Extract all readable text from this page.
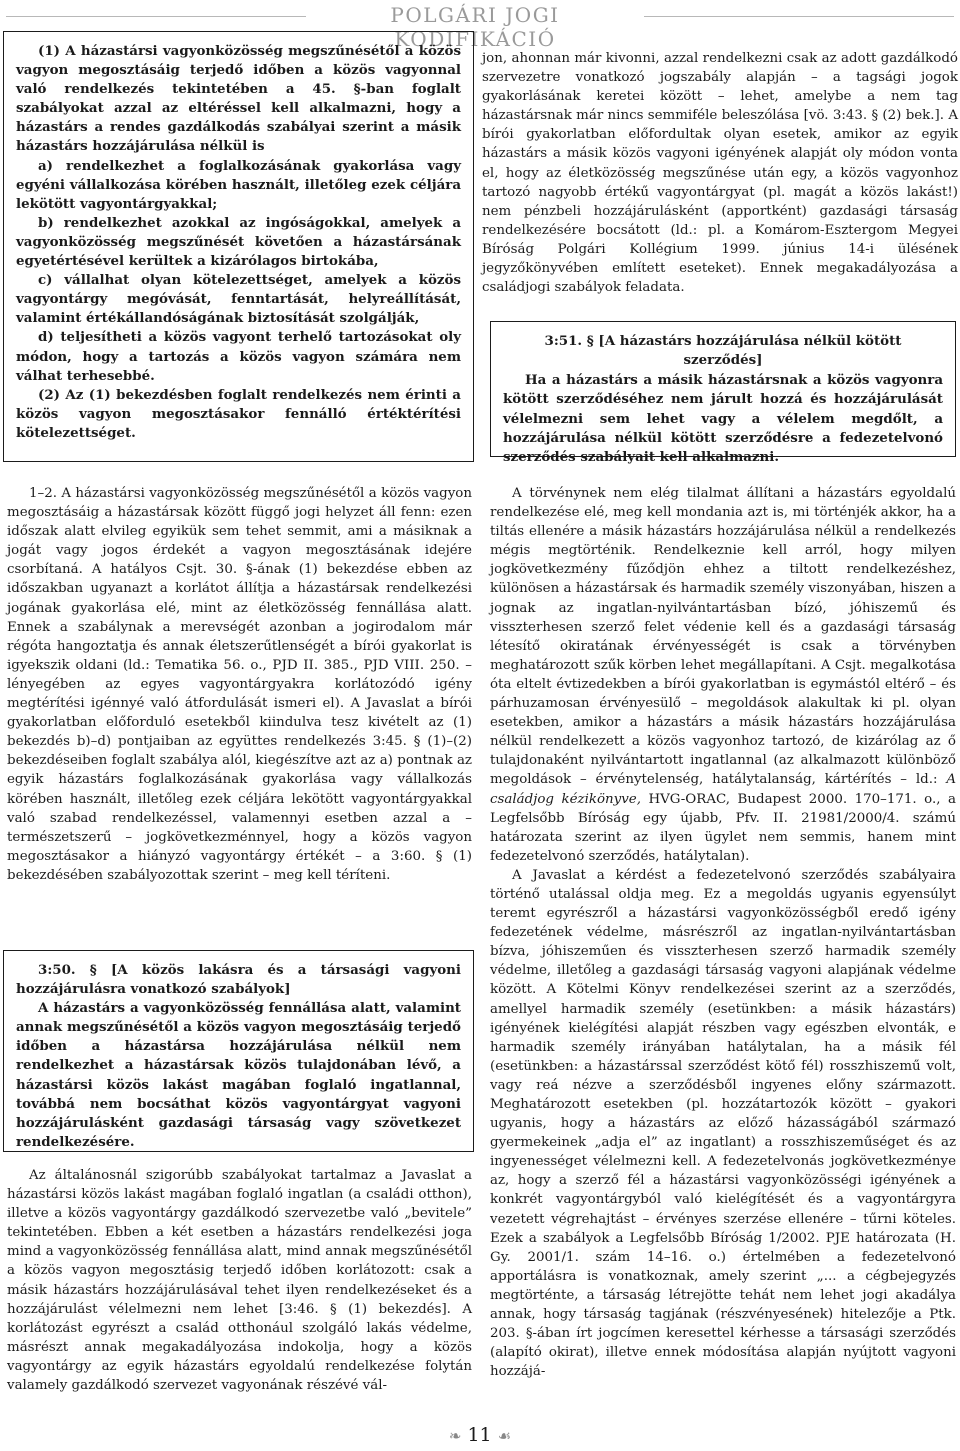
POLGÁRI JOGI KODIFIKÁCIÓ

(1) A házastársi vagyonközösség megszűnésétől a közös vagyon megosztásáig terjedő időben a közös vagyonnal való rendelkezés tekintetében a 45. §-ban foglalt szabályokat azzal az eltéréssel kell alkalmazni, hogy a házastárs a rendes gazdálkodás szabályai szerint a másik házastárs hozzájárulása nélkül is

a) rendelkezhet a foglalkozásának gyakorlása vagy egyéni vállalkozása körében használt, illetőleg ezek céljára lekötött vagyontárgyakkal;

b) rendelkezhet azokkal az ingóságokkal, amelyek a vagyonközösség megszűnését követően a házastársának egyetértésével kerültek a kizárólagos birtokába,

c) vállalhat olyan kötelezettséget, amelyek a közös vagyontárgy megóvását, fenntartását, helyreállítását, valamint értékállandóságának biztosítását szolgálják,

d) teljesítheti a közös vagyont terhelő tartozásokat oly módon, hogy a tartozás a közös vagyon számára nem válhat terhesebbé.

(2) Az (1) bekezdésben foglalt rendelkezés nem érinti a közös vagyon megosztásakor fennálló értéktérítési kötelezettséget.

jon, ahonnan már kivonni, azzal rendelkezni csak az adott gazdálkodó szervezetre vonatkozó jogszabály alapján – a tagsági jogok gyakorlásának keretei között – lehet, amelybe a nem tag házastársnak már nincs semmiféle beleszólása [vö. 3:43. § (2) bek.]. A bírói gyakorlatban előfordultak olyan esetek, amikor az egyik házastárs a másik közös vagyoni igényének alapját oly módon vonta el, hogy az életközösség megszűnése után egy, a közös vagyonhoz tartozó nagyobb értékű vagyontárgyat (pl. magát a közös lakást!) nem pénzbeli hozzájárulásként (apportként) gazdasági társaság rendelkezésére bocsátott (ld.: pl. a Komárom-Esztergom Megyei Bíróság Polgári Kollégium 1999. június 14-i ülésének jegyzőkönyvében említett eseteket). Ennek megakadályozása a családjogi szabályok feladata.

3:51. § [A házastárs hozzájárulása nélkül kötött szerződés]

Ha a házastárs a másik házastársnak a közös vagyonra kötött szerződéséhez nem járult hozzá és hozzájárulását vélelmezni sem lehet vagy a vélelem megdőlt, a hozzájárulása nélkül kötött szerződésre a fedezetelvonó szerződés szabályait kell alkalmazni.

1–2. A házastársi vagyonközösség megszűnésétől a közös vagyon megosztásáig a házastársak között függő jogi helyzet áll fenn: ezen időszak alatt elvileg egyikük sem tehet semmit, ami a másiknak a jogát vagy jogos érdekét a vagyon megosztásának idejére csorbítaná. A hatályos Csjt. 30. §-ának (1) bekezdése ebben az időszakban ugyanazt a korlátot állítja a házastársak rendelkezési jogának gyakorlása elé, mint az életközösség fennállása alatt. Ennek a szabálynak a merevségét azonban a jogirodalom már régóta hangoztatja és annak életszerűtlenségét a bírói gyakorlat is igyekszik oldani (ld.: Tematika 56. o., PJD II. 385., PJD VIII. 250. – lényegében az egyes vagyontárgyakra korlátozódó igény megtérítési igénnyé való átfordulását ismeri el). A Javaslat a bírói gyakorlatban előforduló esetekből kiindulva tesz kivételt az (1) bekezdés b)–d) pontjaiban az együttes rendelkezés 3:45. § (1)–(2) bekezdéseiben foglalt szabálya alól, kiegészítve azt az a) pontnak az egyik házastárs foglalkozásának gyakorlása vagy vállalkozás körében használt, illetőleg ezek céljára lekötött vagyontárgyakkal való szabad rendelkezéssel, valamennyi esetben azzal a – természetszerű – jogkövetkezménnyel, hogy a közös vagyon megosztásakor a hiányzó vagyontárgy értékét – a 3:60. § (1) bekezdésében szabályozottak szerint – meg kell téríteni.

3:50. § [A közös lakásra és a társasági vagyoni hozzájárulásra vonatkozó szabályok]

A házastárs a vagyonközösség fennállása alatt, valamint annak megszűnésétől a közös vagyon megosztásáig terjedő időben a házastársa hozzájárulása nélkül nem rendelkezhet a házastársak közös tulajdonában lévő, a házastársi közös lakást magában foglaló ingatlannal, továbbá nem bocsáthat közös vagyontárgyat vagyoni hozzájárulásként gazdasági társaság vagy szövetkezet rendelkezésére.

Az általánosnál szigorúbb szabályokat tartalmaz a Javaslat a házastársi közös lakást magában foglaló ingatlan (a családi otthon), illetve a közös vagyontárgy gazdálkodó szervezetbe való „bevitele” tekintetében. Ebben a két esetben a házastárs rendelkezési joga mind a vagyonközösség fennállása alatt, mind annak megszűnésétől a közös vagyon megosztásig terjedő időben korlátozott: csak a másik házastárs hozzájárulásával tehet ilyen rendelkezéseket és a hozzájárulást vélelmezni nem lehet [3:46. § (1) bekezdés]. A korlátozást egyrészt a család otthonául szolgáló lakás védelme, másrészt annak megakadályozása indokolja, hogy a közös vagyontárgy az egyik házastárs egyoldalú rendelkezése folytán valamely gazdálkodó szervezet vagyonának részévé vál-

A törvénynek nem elég tilalmat állítani a házastárs egyoldalú rendelkezése elé, meg kell mondania azt is, mi történjék akkor, ha a tiltás ellenére a másik házastárs hozzájárulása nélkül a rendelkezés mégis megtörténik. Rendelkeznie kell arról, hogy milyen jogkövetkezmény fűződjön ehhez a tiltott rendelkezéshez, különösen a házastársak és harmadik személy viszonyában, hiszen a jognak az ingatlan-nyilvántartásban bízó, jóhiszemű és visszterhesen szerző felet védenie kell és a gazdasági társaság létesítő okiratának érvényességét is csak a törvényben meghatározott szűk körben lehet megállapítani. A Csjt. megalkotása óta eltelt évtizedekben a bírói gyakorlatban is egymástól eltérő – és párhuzamosan érvényesülő – megoldások alakultak ki pl. olyan esetekben, amikor a házastárs a másik házastárs hozzájárulása nélkül rendelkezett a közös vagyonhoz tartozó, de kizárólag az ő tulajdonaként nyilvántartott ingatlannal (az alkalmazott különböző megoldások – érvénytelenség, hatálytalanság, kártérítés – ld.: A családjog kézikönyve, HVG-ORAC, Budapest 2000. 170–171. o., a Legfelsőbb Bíróság egy újabb, Pfv. II. 21981/2000/4. számú határozata szerint az ilyen ügylet nem semmis, hanem mint fedezetelvonó szerződés, hatálytalan).

A Javaslat a kérdést a fedezetelvonó szerződés szabályaira történő utalással oldja meg. Ez a megoldás ugyanis egyensúlyt teremt egyrészről a házastársi vagyonközösségből eredő igény fedezetének védelme, másrészről az ingatlan-nyilvántartásban bízva, jóhiszeműen és visszterhesen szerző harmadik személy védelme, illetőleg a gazdasági társaság vagyoni alapjának védelme között. A Kötelmi Könyv rendelkezései szerint az a szerződés, amellyel harmadik személy (esetünkben: a másik házastárs) igényének kielégítési alapját részben vagy egészben elvonták, e harmadik személy irányában hatálytalan, ha a másik fél (esetünkben: a házastárssal szerződést kötő fél) rosszhiszemű volt, vagy reá nézve a szerződésből ingyenes előny származott. Meghatározott esetekben (pl. hozzátartozók között – gyakori ugyanis, hogy a házastárs az előző házasságából származó gyermekeinek „adja el” az ingatlant) a rosszhiszeműséget és az ingyenességet vélelmezni kell. A fedezetelvonás jogkövetkezménye az, hogy a szerző fél a házastársi vagyonközösségi igényének a konkrét vagyontárgyból való kielégítését és a vagyontárgyra vezetett végrehajtást – érvényes szerzése ellenére – tűrni köteles. Ezek a szabályok a Legfelsőbb Bíróság 1/2002. PJE határozata (H. Gy. 2001/1. szám 14–16. o.) értelmében a fedezetelvonó apportálásra is vonatkoznak, amely szerint „... a cégbejegyzés megtörténte, a társaság létrejötte tehát nem lehet jogi akadálya annak, hogy társaság tagjának (részvényesének) hitelezője a Ptk. 203. §-ában írt jogcímen keresettel kérhesse a társasági szerződés (alapító okirat), illetve ennek módosítása alapján nyújtott vagyoni hozzájá-

❧ 11 ☙
